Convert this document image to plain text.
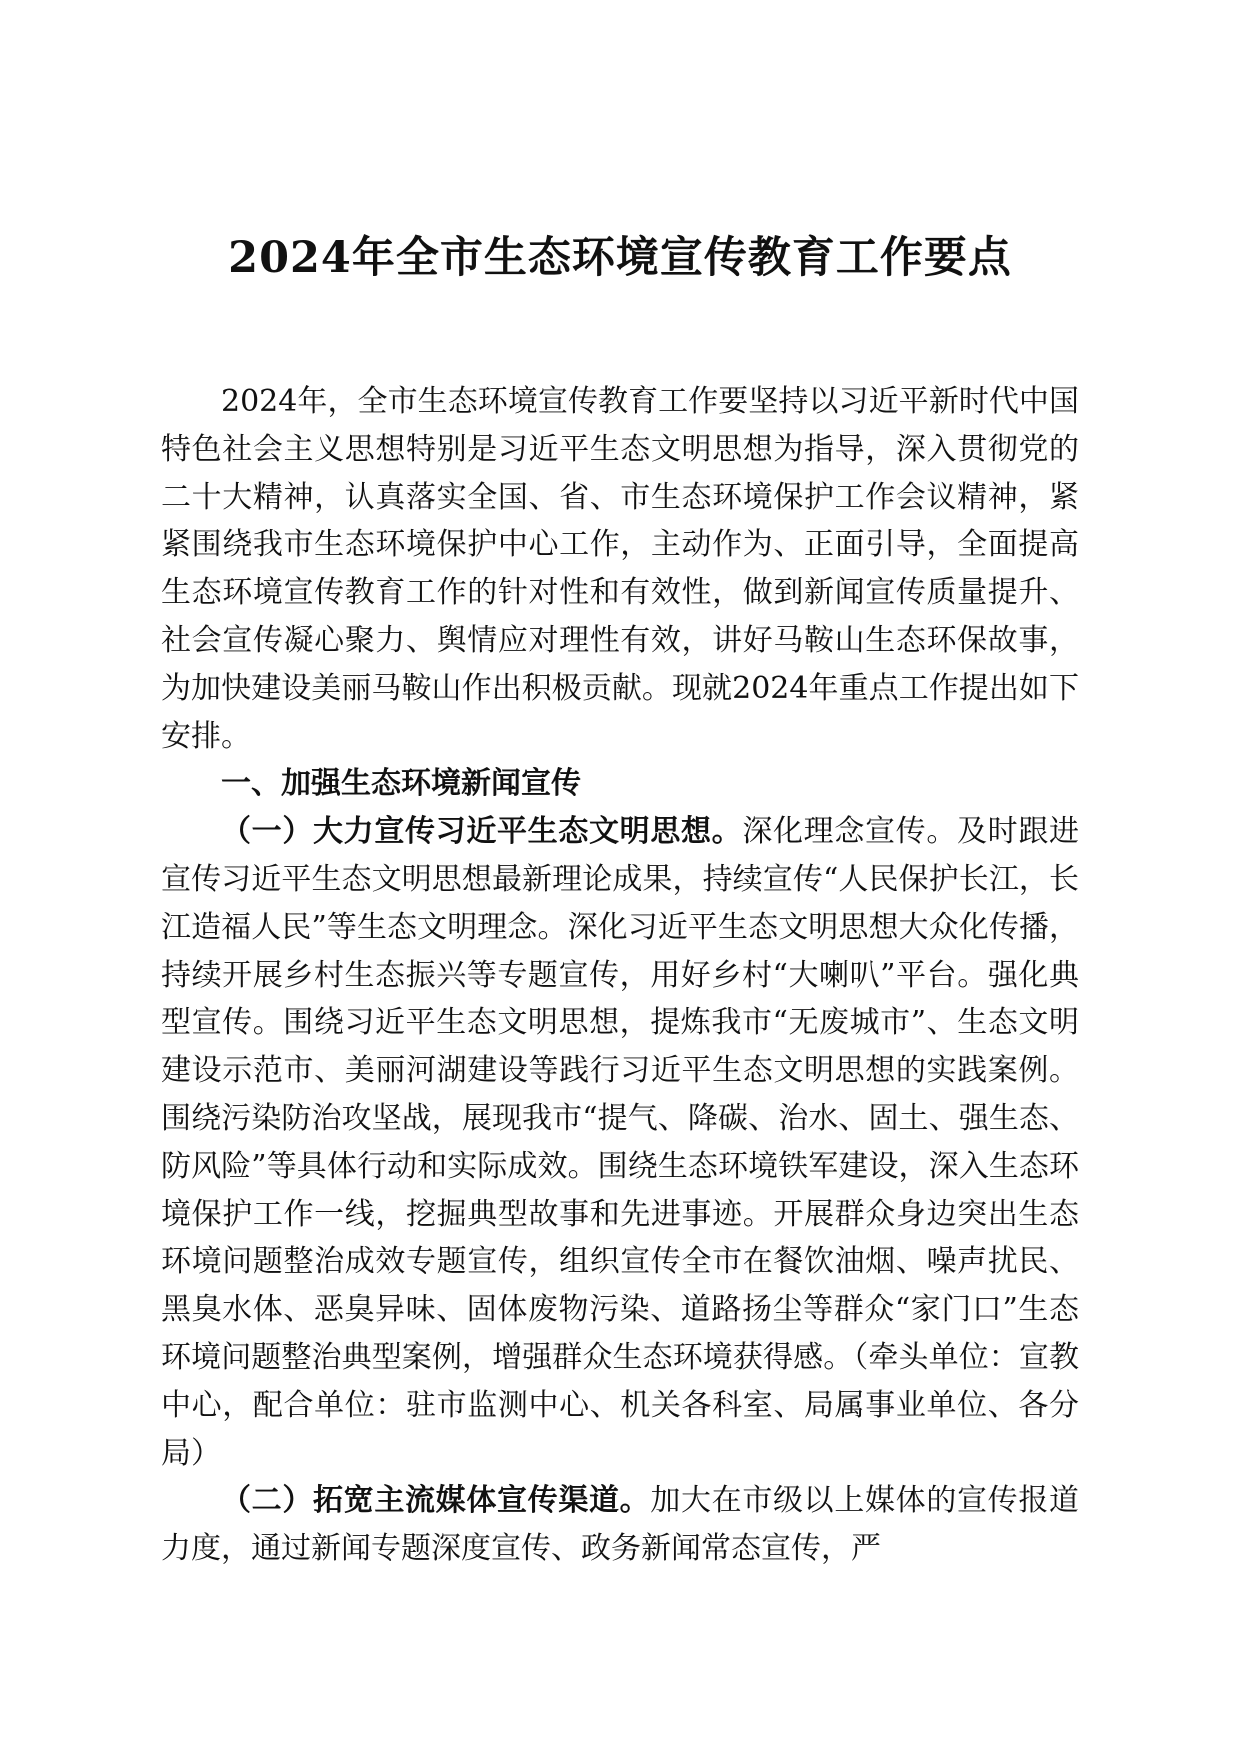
2024年全市生态环境宣传教育工作要点

2024年，全市生态环境宣传教育工作要坚持以习近平新时代中国特色社会主义思想特别是习近平生态文明思想为指导，深入贯彻党的二十大精神，认真落实全国、省、市生态环境保护工作会议精神，紧紧围绕我市生态环境保护中心工作，主动作为、正面引导，全面提高生态环境宣传教育工作的针对性和有效性，做到新闻宣传质量提升、社会宣传凝心聚力、舆情应对理性有效，讲好马鞍山生态环保故事，为加快建设美丽马鞍山作出积极贡献。现就2024年重点工作提出如下安排。

一、加强生态环境新闻宣传

（一）大力宣传习近平生态文明思想。深化理念宣传。及时跟进宣传习近平生态文明思想最新理论成果，持续宣传“人民保护长江，长江造福人民”等生态文明理念。深化习近平生态文明思想大众化传播，持续开展乡村生态振兴等专题宣传，用好乡村“大喇叭”平台。强化典型宣传。围绕习近平生态文明思想，提炼我市“无废城市”、生态文明建设示范市、美丽河湖建设等践行习近平生态文明思想的实践案例。围绕污染防治攻坚战，展现我市“提气、降碳、治水、固土、强生态、防风险”等具体行动和实际成效。围绕生态环境铁军建设，深入生态环境保护工作一线，挖掘典型故事和先进事迹。开展群众身边突出生态环境问题整治成效专题宣传，组织宣传全市在餐饮油烟、噪声扰民、黑臭水体、恶臭异味、固体废物污染、道路扬尘等群众“家门口”生态环境问题整治典型案例，增强群众生态环境获得感。（牵头单位：宣教中心，配合单位：驻市监测中心、机关各科室、局属事业单位、各分局）

（二）拓宽主流媒体宣传渠道。加大在市级以上媒体的宣传报道力度，通过新闻专题深度宣传、政务新闻常态宣传，严
